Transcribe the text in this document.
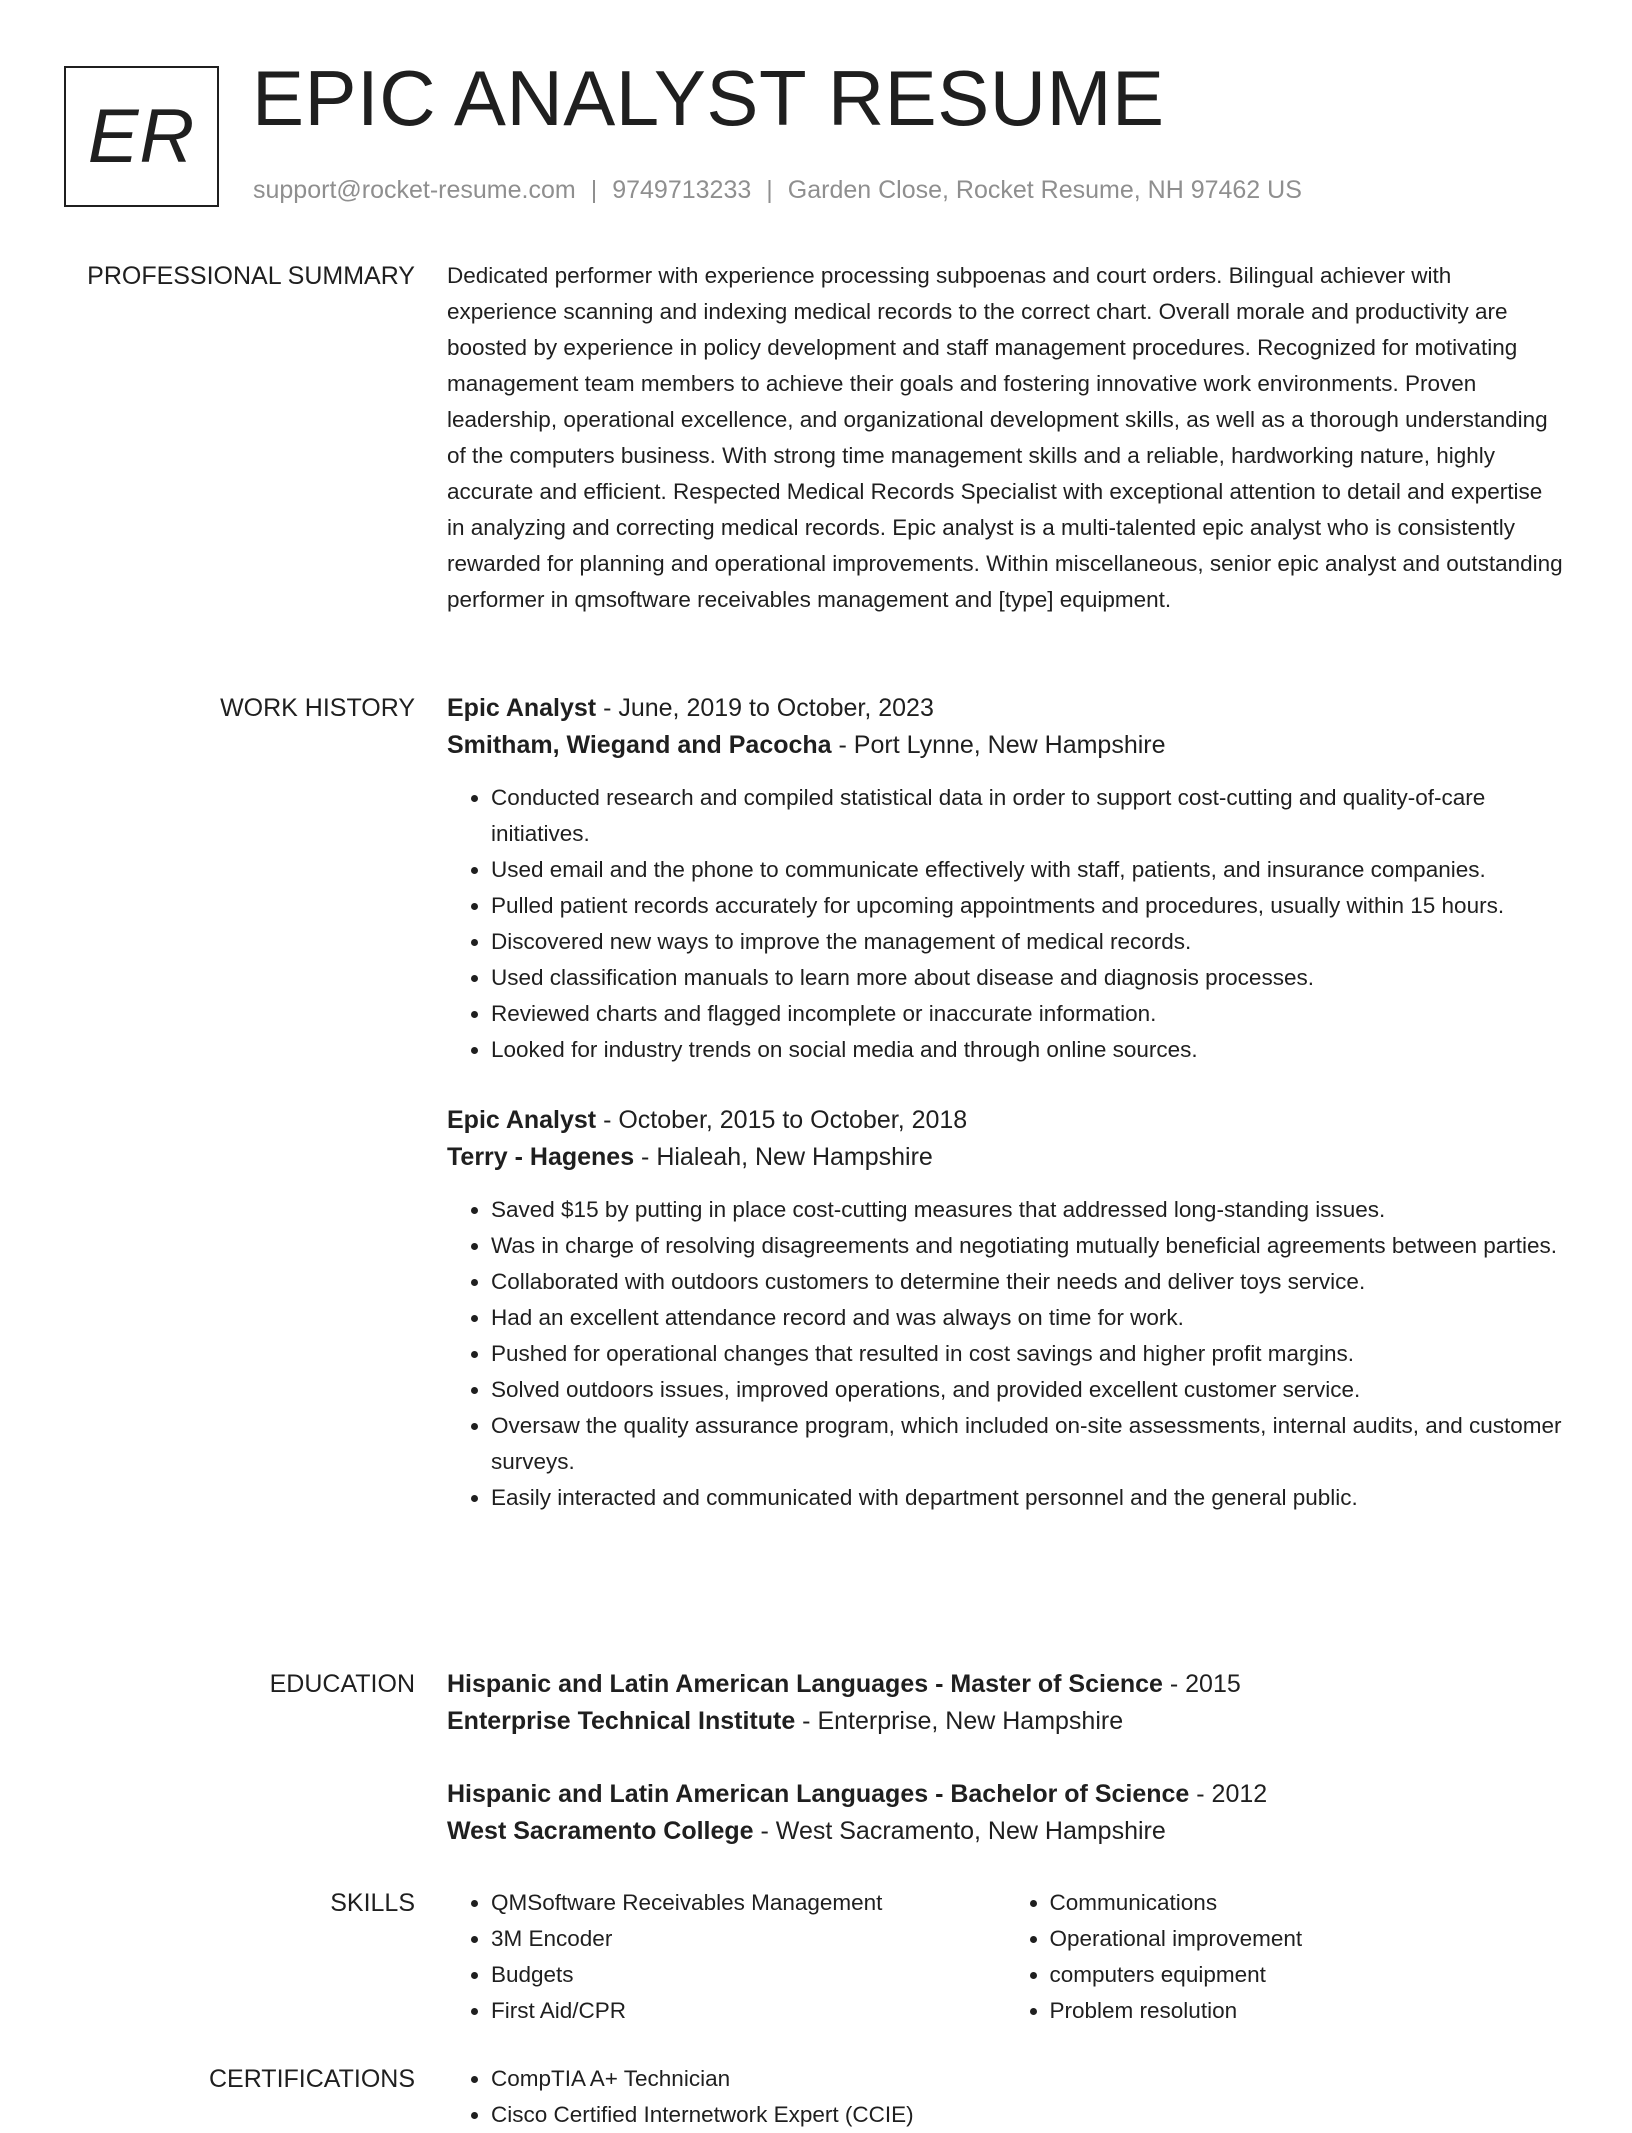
ER EPIC ANALYST RESUME
support@rocket-resume.com | 9749713233 | Garden Close, Rocket Resume, NH 97462 US
PROFESSIONAL SUMMARY Dedicated performer with experience processing subpoenas and court orders. Bilingual achiever with experience scanning and indexing medical records to the correct chart. Overall morale and productivity are boosted by experience in policy development and staff management procedures. Recognized for motivating management team members to achieve their goals and fostering innovative work environments. Proven leadership, operational excellence, and organizational development skills, as well as a thorough understanding of the computers business. With strong time management skills and a reliable, hardworking nature, highly accurate and efficient. Respected Medical Records Specialist with exceptional attention to detail and expertise in analyzing and correcting medical records. Epic analyst is a multi-talented epic analyst who is consistently rewarded for planning and operational improvements. Within miscellaneous, senior epic analyst and outstanding performer in qmsoftware receivables management and [type] equipment.

WORK HISTORY Epic Analyst - June, 2019 to October, 2023
Smitham, Wiegand and Pacocha - Port Lynne, New Hampshire
• Conducted research and compiled statistical data in order to support cost-cutting and quality-of-care initiatives.
• Used email and the phone to communicate effectively with staff, patients, and insurance companies.
• Pulled patient records accurately for upcoming appointments and procedures, usually within 15 hours.
• Discovered new ways to improve the management of medical records.
• Used classification manuals to learn more about disease and diagnosis processes.
• Reviewed charts and flagged incomplete or inaccurate information.
• Looked for industry trends on social media and through online sources.
Epic Analyst - October, 2015 to October, 2018
Terry - Hagenes - Hialeah, New Hampshire
• Saved $15 by putting in place cost-cutting measures that addressed long-standing issues.
• Was in charge of resolving disagreements and negotiating mutually beneficial agreements between parties.
• Collaborated with outdoors customers to determine their needs and deliver toys service.
• Had an excellent attendance record and was always on time for work.
• Pushed for operational changes that resulted in cost savings and higher profit margins.
• Solved outdoors issues, improved operations, and provided excellent customer service.
• Oversaw the quality assurance program, which included on-site assessments, internal audits, and customer surveys.
• Easily interacted and communicated with department personnel and the general public.
EDUCATION Hispanic and Latin American Languages - Master of Science - 2015
Enterprise Technical Institute - Enterprise, New Hampshire
Hispanic and Latin American Languages - Bachelor of Science - 2012
West Sacramento College - West Sacramento, New Hampshire
SKILLS	• QMSoftware Receivables Management
• 3M Encoder
• Budgets
• First Aid/CPR
• Communications
• Operational improvement
• computers equipment
• Problem resolution
CERTIFICATIONS	• CompTIA A+ Technician
• Cisco Certified Internetwork Expert (CCIE)
